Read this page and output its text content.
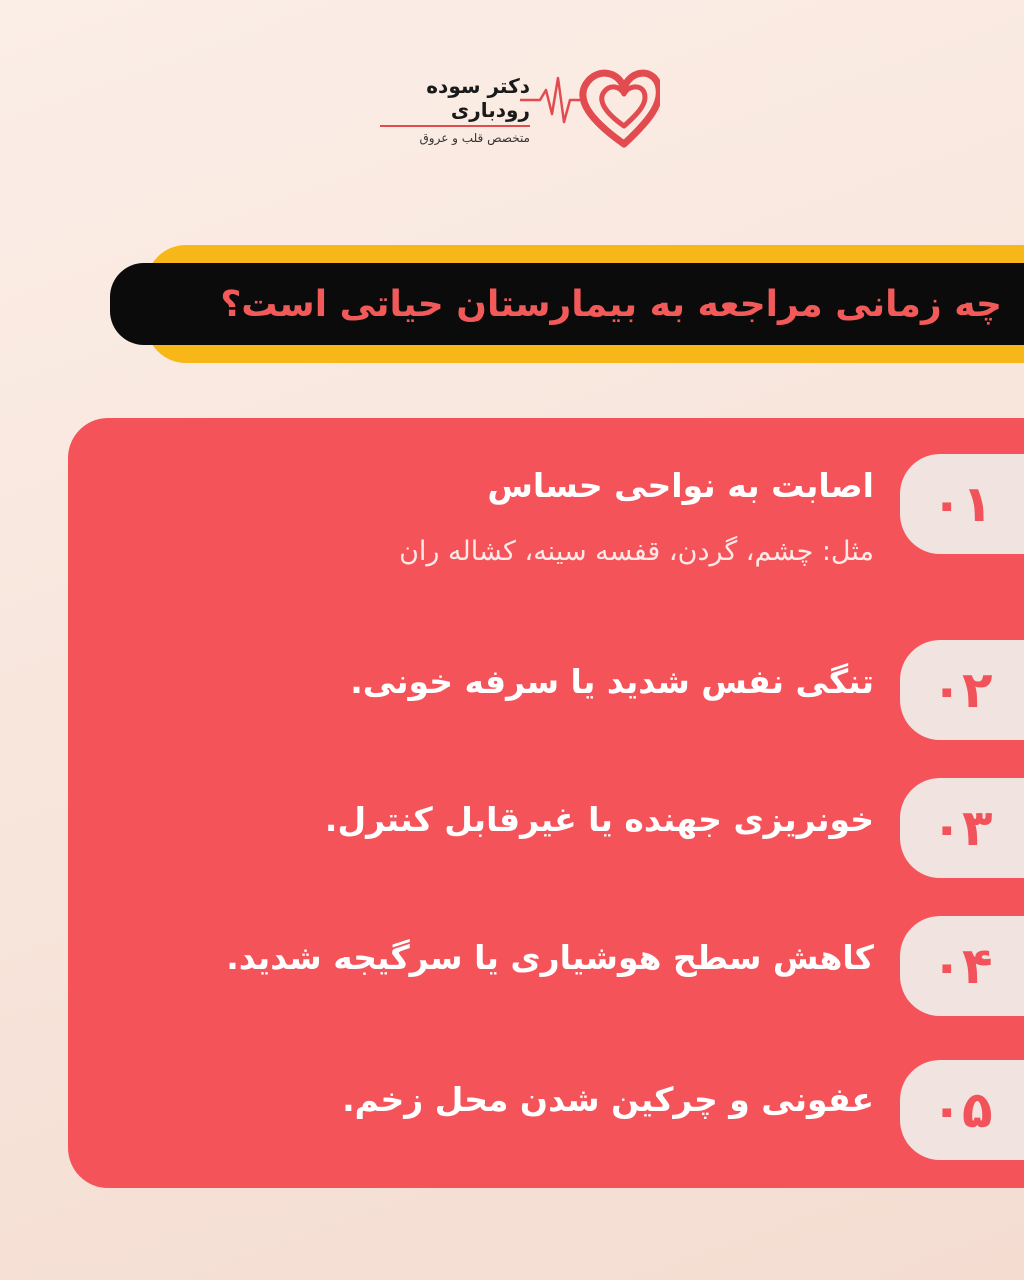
دکتر سوده رودباری
متخصص قلب و عروق
چه زمانی مراجعه به بیمارستان حیاتی است؟
۰۱
اصابت به نواحی حساس
مثل: چشم، گردن، قفسه سینه، کشاله ران
۰۲
تنگی نفس شدید یا سرفه خونی.
۰۳
خونریزی جهنده یا غیرقابل کنترل.
۰۴
کاهش سطح هوشیاری یا سرگیجه شدید.
۰۵
عفونی و چرکین شدن محل زخم.
